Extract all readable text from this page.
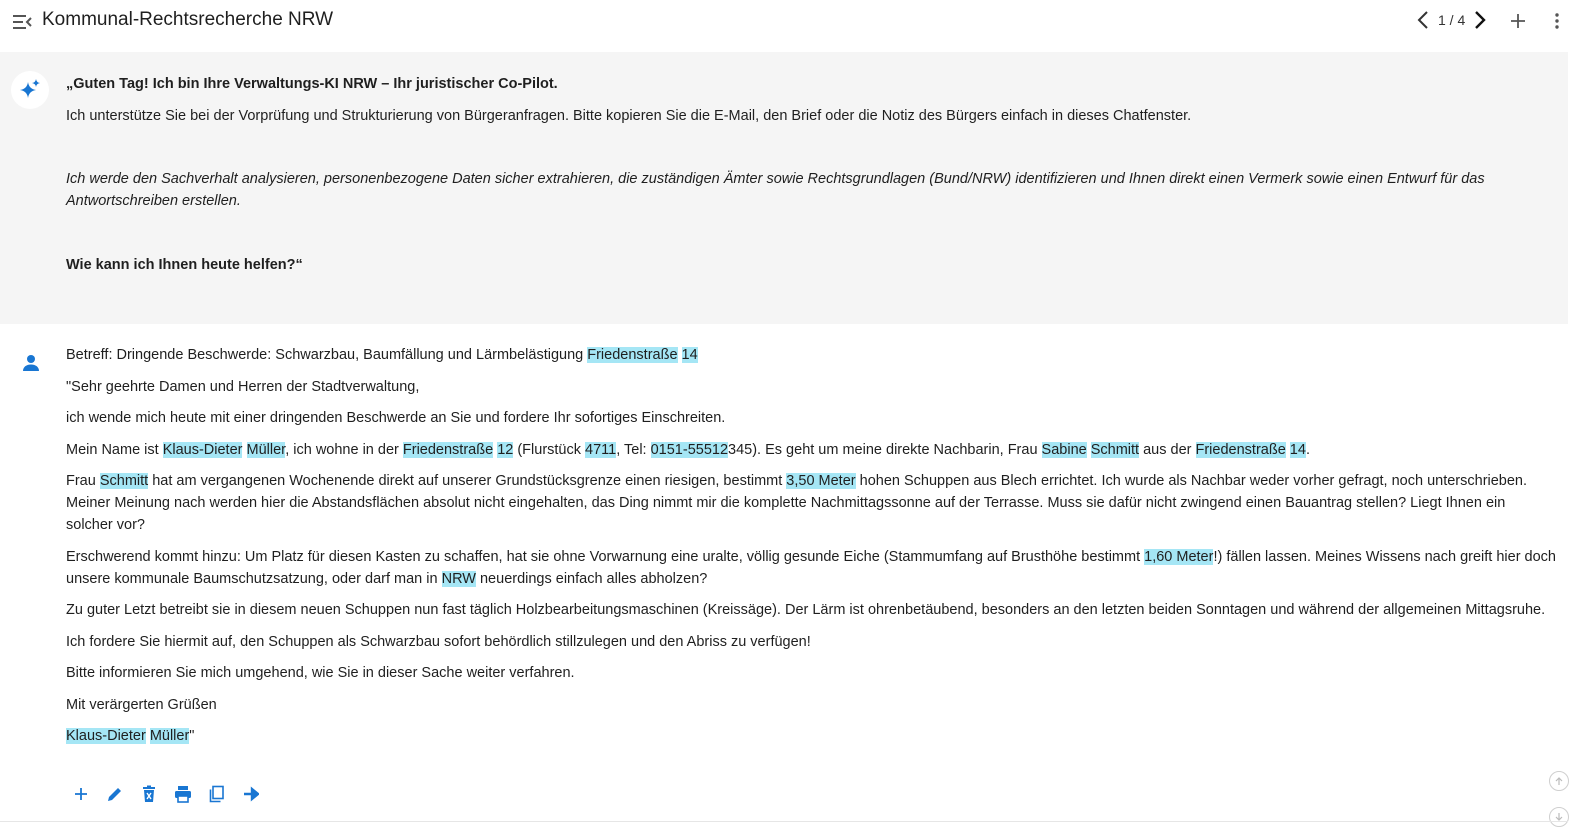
Kommunal-Rechtsrecherche NRW	1 / 4

„Guten Tag! Ich bin Ihre Verwaltungs-KI NRW – Ihr juristischer Co-Pilot.

Ich unterstütze Sie bei der Vorprüfung und Strukturierung von Bürgeranfragen. Bitte kopieren Sie die E-Mail, den Brief oder die Notiz des Bürgers einfach in dieses Chatfenster.

Ich werde den Sachverhalt analysieren, personenbezogene Daten sicher extrahieren, die zuständigen Ämter sowie Rechtsgrundlagen (Bund/NRW) identifizieren und Ihnen direkt einen Vermerk sowie einen Entwurf für das Antwortschreiben erstellen.

Wie kann ich Ihnen heute helfen?“

Betreff: Dringende Beschwerde: Schwarzbau, Baumfällung und Lärmbelästigung Friedenstraße 14

"Sehr geehrte Damen und Herren der Stadtverwaltung,

ich wende mich heute mit einer dringenden Beschwerde an Sie und fordere Ihr sofortiges Einschreiten.

Mein Name ist Klaus-Dieter Müller, ich wohne in der Friedenstraße 12 (Flurstück 4711, Tel: 0151-55512345). Es geht um meine direkte Nachbarin, Frau Sabine Schmitt aus der Friedenstraße 14.

Frau Schmitt hat am vergangenen Wochenende direkt auf unserer Grundstücksgrenze einen riesigen, bestimmt 3,50 Meter hohen Schuppen aus Blech errichtet. Ich wurde als Nachbar weder vorher gefragt, noch unterschrieben. Meiner Meinung nach werden hier die Abstandsflächen absolut nicht eingehalten, das Ding nimmt mir die komplette Nachmittagssonne auf der Terrasse. Muss sie dafür nicht zwingend einen Bauantrag stellen? Liegt Ihnen ein solcher vor?

Erschwerend kommt hinzu: Um Platz für diesen Kasten zu schaffen, hat sie ohne Vorwarnung eine uralte, völlig gesunde Eiche (Stammumfang auf Brusthöhe bestimmt 1,60 Meter!) fällen lassen. Meines Wissens nach greift hier doch unsere kommunale Baumschutzsatzung, oder darf man in NRW neuerdings einfach alles abholzen?

Zu guter Letzt betreibt sie in diesem neuen Schuppen nun fast täglich Holzbearbeitungsmaschinen (Kreissäge). Der Lärm ist ohrenbetäubend, besonders an den letzten beiden Sonntagen und während der allgemeinen Mittagsruhe.

Ich fordere Sie hiermit auf, den Schuppen als Schwarzbau sofort behördlich stillzulegen und den Abriss zu verfügen!

Bitte informieren Sie mich umgehend, wie Sie in dieser Sache weiter verfahren.

Mit verärgerten Grüßen

Klaus-Dieter Müller"
